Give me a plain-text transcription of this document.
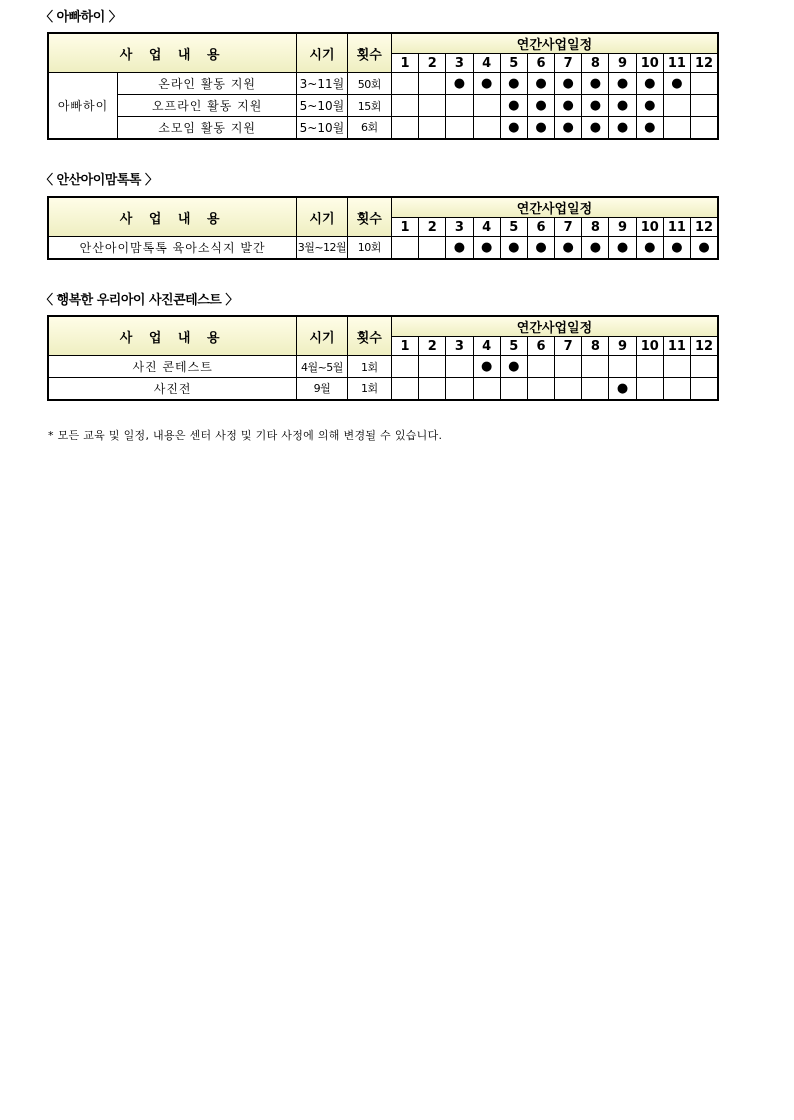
〈 아빠하이 〉
사 업 내 용		시기	횟수	연간사업일정											
				1	2	3	4	5	6	7	8	9	10	11	12
아빠하이	온라인 활동 지원	3~11월	50회			●	●	●	●	●	●	●	●	●	
	오프라인 활동 지원	5~10월	15회					●	●	●	●	●	●		
	소모임 활동 지원	5~10월	6회					●	●	●	●	●	●		
〈 안산아이맘톡톡 〉
사 업 내 용	시기	횟수	연간사업일정											
			1	2	3	4	5	6	7	8	9	10	11	12
안산아이맘톡톡 육아소식지 발간	3월~12월	10회			●	●	●	●	●	●	●	●	●	●
〈 행복한 우리아이 사진콘테스트 〉
사 업 내 용	시기	횟수	연간사업일정											
			1	2	3	4	5	6	7	8	9	10	11	12
사진 콘테스트	4월~5월	1회				●	●							
사진전	9월	1회									●			
* 모든 교육 및 일정, 내용은 센터 사정 및 기타 사정에 의해 변경될 수 있습니다.
